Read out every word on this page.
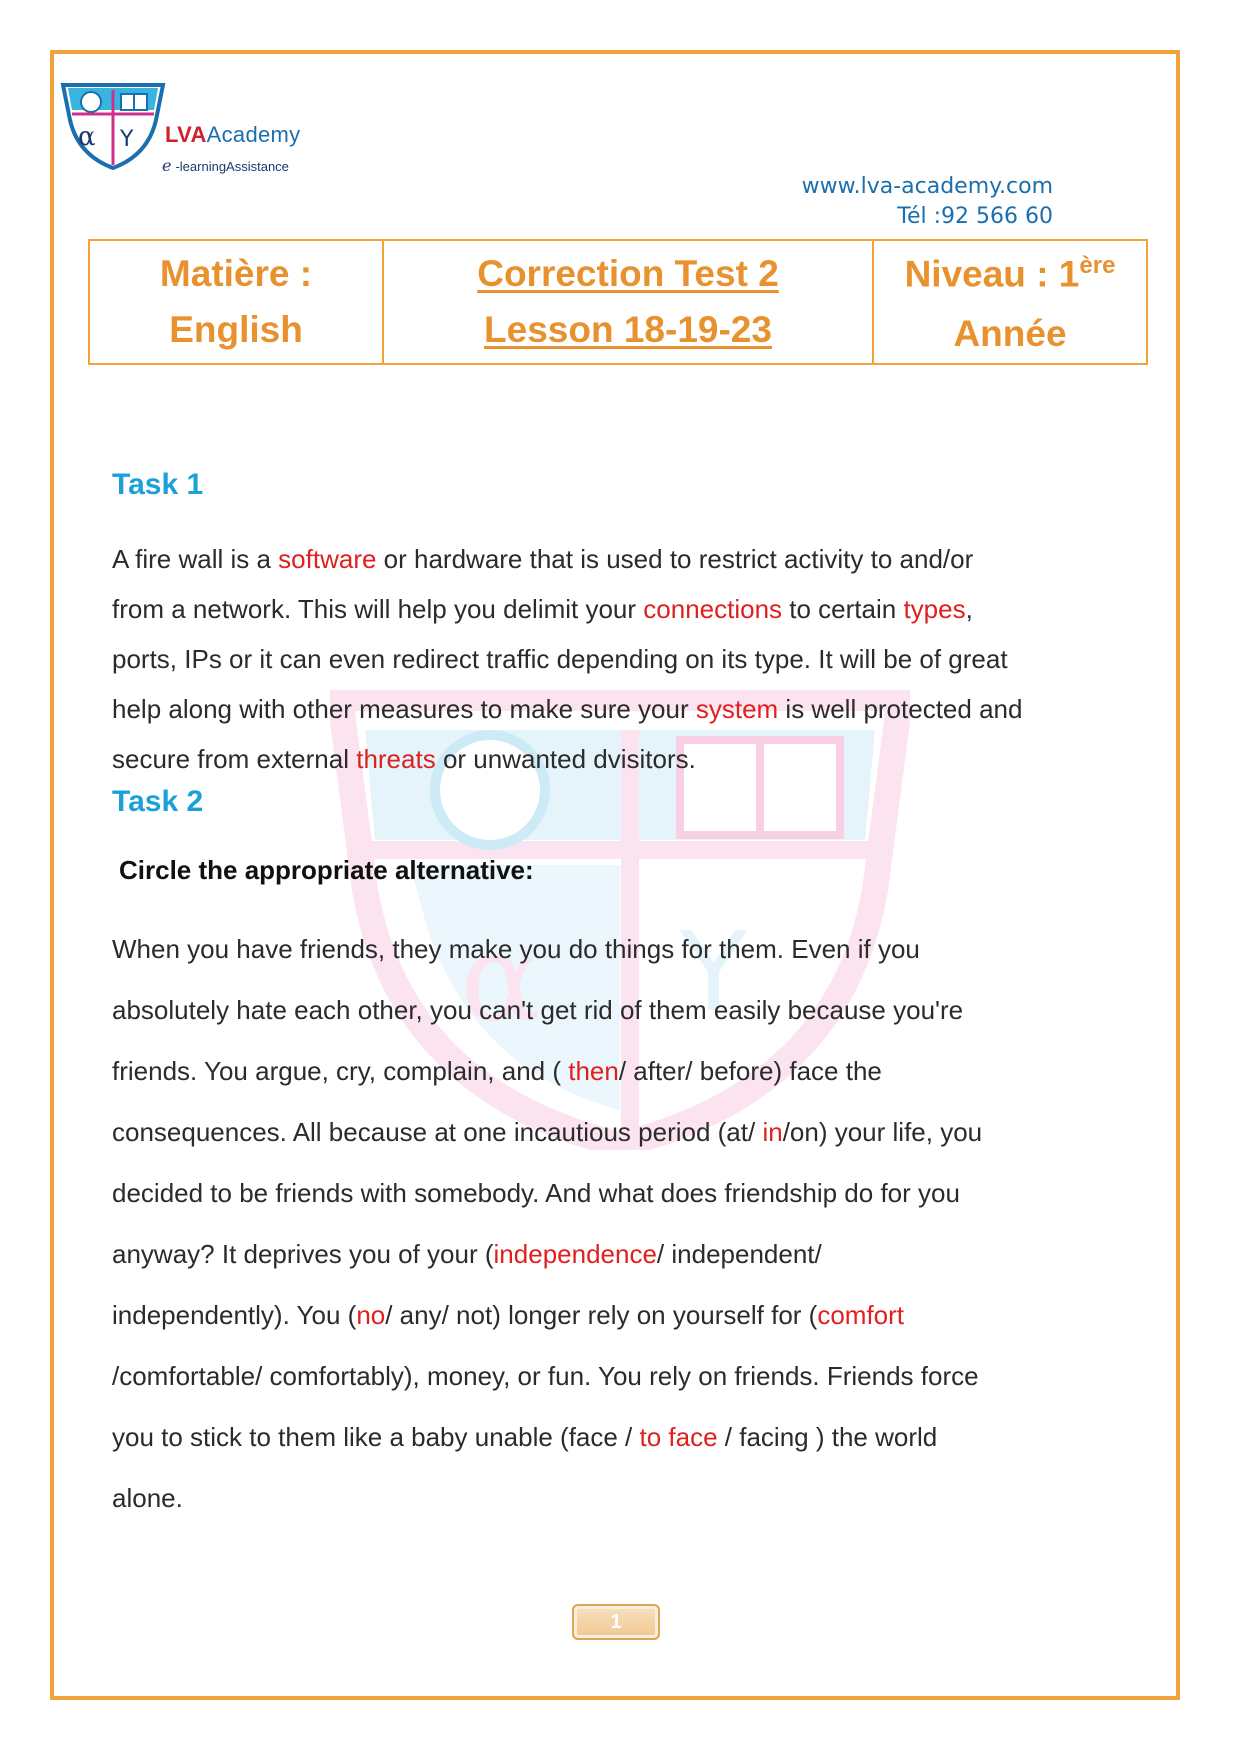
α Y LVAAcademy
e -learningAssistance
www.lva-academy.com
Tél :92 566 60
Matière :
English

Correction Test 2
Lesson 18-19-23

Niveau : 1ère
Année
α Y
Task 1
A fire wall is a software or hardware that is used to restrict activity to and/or
from a network. This will help you delimit your connections to certain types,
ports, IPs or it can even redirect traffic depending on its type. It will be of great
help along with other measures to make sure your system is well protected and
secure from external threats or unwanted dvisitors.
Task 2
Circle the appropriate alternative:
When you have friends, they make you do things for them. Even if you
absolutely hate each other, you can't get rid of them easily because you're
friends. You argue, cry, complain, and ( then/ after/ before) face the
consequences. All because at one incautious period (at/ in/on) your life, you
decided to be friends with somebody. And what does friendship do for you
anyway? It deprives you of your (independence/ independent/
independently). You (no/ any/ not) longer rely on yourself for (comfort
/comfortable/ comfortably), money, or fun. You rely on friends. Friends force
you to stick to them like a baby unable (face / to face / facing ) the world
alone.
1
